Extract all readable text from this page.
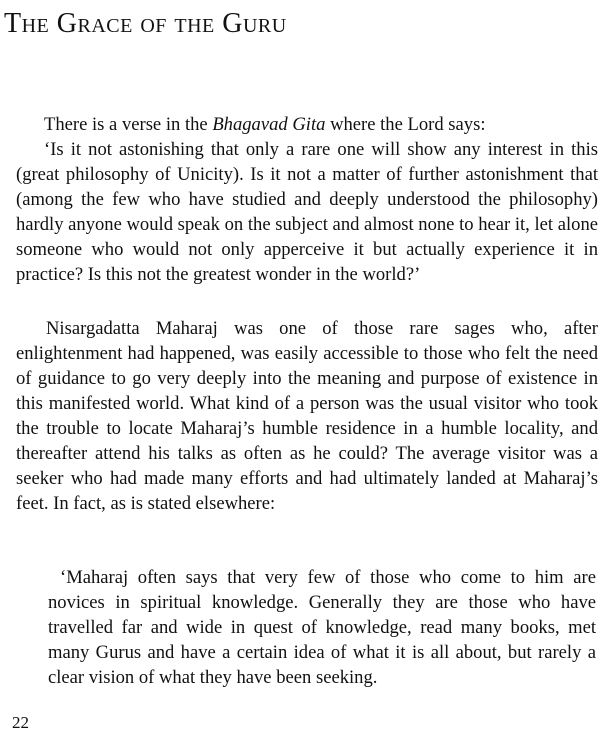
The Grace of the Guru
There is a verse in the Bhagavad Gita where the Lord says:
‘Is it not astonishing that only a rare one will show any interest in this (great philosophy of Unicity). Is it not a matter of further astonishment that (among the few who have studied and deeply understood the philosophy) hardly anyone would speak on the subject and almost none to hear it, let alone someone who would not only apperceive it but actually experience it in practice? Is this not the greatest wonder in the world?’
Nisargadatta Maharaj was one of those rare sages who, after enlightenment had happened, was easily accessible to those who felt the need of guidance to go very deeply into the meaning and purpose of existence in this manifested world. What kind of a person was the usual visitor who took the trouble to locate Maharaj’s humble residence in a humble locality, and thereafter attend his talks as often as he could? The average visitor was a seeker who had made many efforts and had ultimately landed at Maharaj’s feet. In fact, as is stated elsewhere:
‘Maharaj often says that very few of those who come to him are novices in spiritual knowledge. Generally they are those who have travelled far and wide in quest of knowledge, read many books, met many Gurus and have a certain idea of what it is all about, but rarely a clear vision of what they have been seeking.
22
